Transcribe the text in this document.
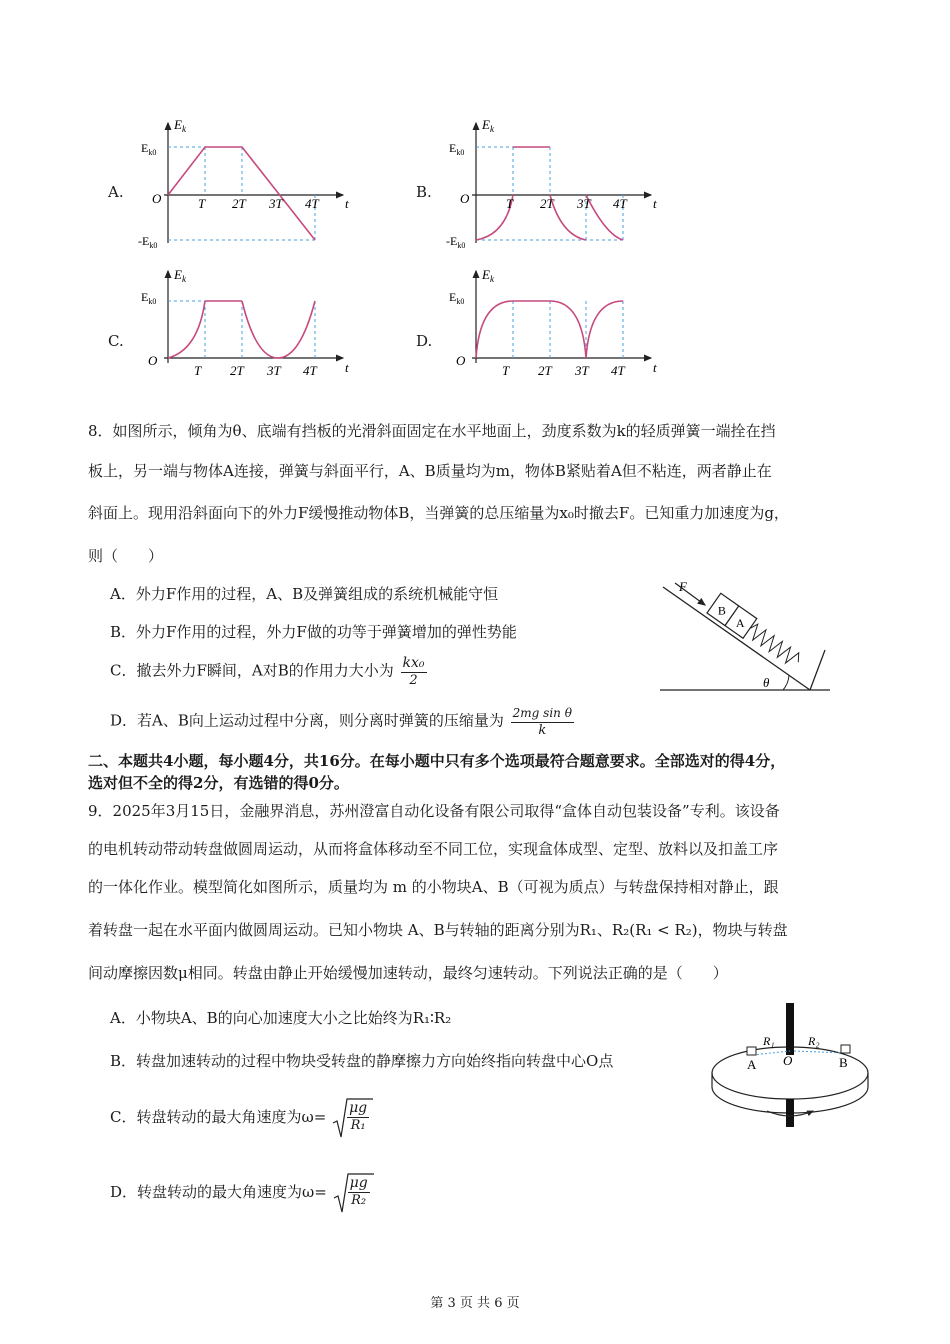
A.
$E_k$
t
O
$E_{k0}$
$-E_{k0}$
T 2T 3T 4T
B.
$E_k$
t
O
$E_{k0}$
$-E_{k0}$
T 2T 3T 4T
C.
$E_k$
t
O
$E_{k0}$
T 2T 3T 4T
D.
$E_k$
t
O
$E_{k0}$
T 2T 3T 4T
8．如图所示，倾角为θ、底端有挡板的光滑斜面固定在水平地面上，劲度系数为k的轻质弹簧一端拴在挡
板上，另一端与物体A连接，弹簧与斜面平行，A、B质量均为m，物体B紧贴着A但不粘连，两者静止在
斜面上。现用沿斜面向下的外力F缓慢推动物体B，当弹簧的总压缩量为x₀时撤去F。已知重力加速度为g，
则（　　）
A．外力F作用的过程，A、B及弹簧组成的系统机械能守恒
B．外力F作用的过程，外力F做的功等于弹簧增加的弹性势能
C．撤去外力F瞬间，A对B的作用力大小为 $\frac{\text{kx₀}}{2}$
D．若A、B向上运动过程中分离，则分离时弹簧的压缩量为 $\frac{\text{2mg sin θ}}{k}$
B
A
F
θ
二、本题共4小题，每小题4分，共16分。在每小题中只有多个选项最符合题意要求。全部选对的得4分，
选对但不全的得2分，有选错的得0分。
9．2025年3月15日，金融界消息，苏州澄富自动化设备有限公司取得“盒体自动包装设备”专利。该设备
的电机转动带动转盘做圆周运动，从而将盒体移动至不同工位，实现盒体成型、定型、放料以及扣盖工序
的一体化作业。模型简化如图所示，质量均为 m 的小物块A、B（可视为质点）与转盘保持相对静止，跟
着转盘一起在水平面内做圆周运动。已知小物块 A、B与转轴的距离分别为R₁、R₂(R₁ < R₂)，物块与转盘
间动摩擦因数μ相同。转盘由静止开始缓慢加速转动，最终匀速转动。下列说法正确的是（　　）
A．小物块A、B的向心加速度大小之比始终为R₁∶R₂
B．转盘加速转动的过程中物块受转盘的静摩擦力方向始终指向转盘中心O点
C．转盘转动的最大角速度为$\omega= \frac{\mu g}{\text{R₁}}$
D．转盘转动的最大角速度为$\omega= \frac{\mu g}{\text{R₂}}$
R₁	R₂
O
A	B
第 3 页 共 6 页
